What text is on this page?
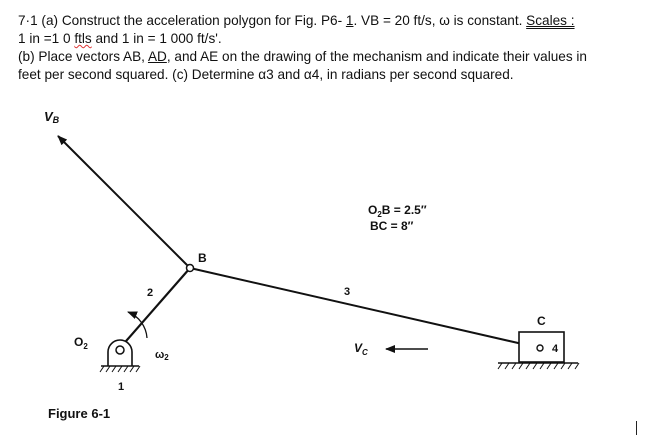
7·1 (a) Construct the acceleration polygon for Fig. P6- 1. VB = 20 ft/s, ω is constant. Scales :

1 in =1 0 ftls and 1 in = 1 000 ft/s'.

(b) Place vectors AB, AD, and AE on the drawing of the mechanism and indicate their values in

feet per second squared. (c) Determine α3 and α4, in radians per second squared.

VB
B
2
ω2
$O_2$
1
$O_2B = 2.5''$
BC = 8″
3
$V_C$
C
4
Figure 6-1
